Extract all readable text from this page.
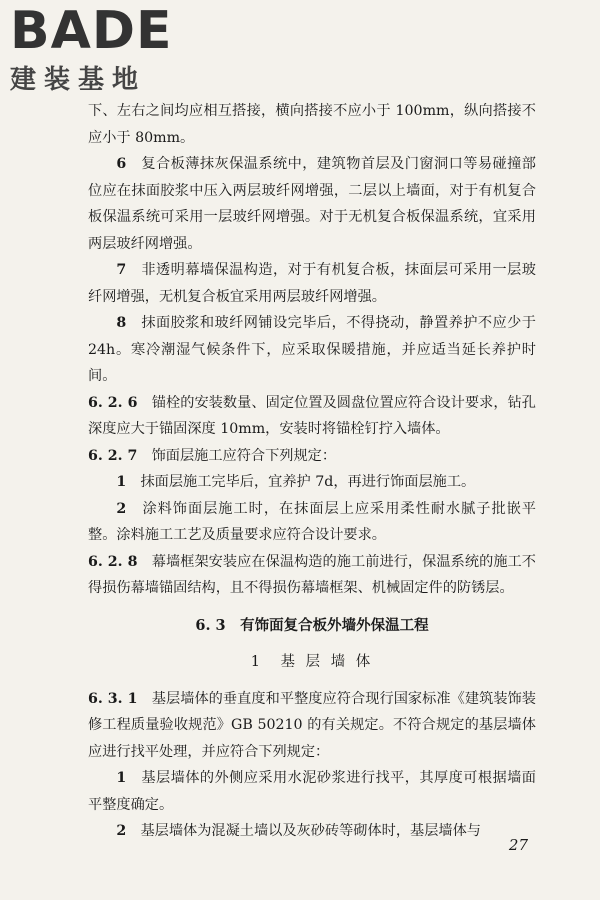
BADE
建装基地

下、左右之间均应相互搭接，横向搭接不应小于 100mm，纵向搭接不应小于 80mm。

6　 复合板薄抹灰保温系统中，建筑物首层及门窗洞口等易碰撞部位应在抹面胶浆中压入两层玻纤网增强，二层以上墙面，对于有机复合板保温系统可采用一层玻纤网增强。对于无机复合板保温系统，宜采用两层玻纤网增强。

7　 非透明幕墙保温构造，对于有机复合板，抹面层可采用一层玻纤网增强，无机复合板宜采用两层玻纤网增强。

8　 抹面胶浆和玻纤网铺设完毕后，不得挠动，静置养护不应少于 24h。寒冷潮湿气候条件下，应采取保暖措施，并应适当延长养护时间。

6. 2. 6　 锚栓的安装数量、固定位置及圆盘位置应符合设计要求，钻孔深度应大于锚固深度 10mm，安装时将锚栓钉拧入墙体。

6. 2. 7　 饰面层施工应符合下列规定：

1　 抹面层施工完毕后，宜养护 7d，再进行饰面层施工。

2　 涂料饰面层施工时，在抹面层上应采用柔性耐水腻子批嵌平整。涂料施工工艺及质量要求应符合设计要求。

6. 2. 8　 幕墙框架安装应在保温构造的施工前进行，保温系统的施工不得损伤幕墙锚固结构，且不得损伤幕墙框架、机械固定件的防锈层。

6. 3　有饰面复合板外墙外保温工程
1　基 层 墙 体

6. 3. 1　 基层墙体的垂直度和平整度应符合现行国家标准《建筑装饰装修工程质量验收规范》GB 50210 的有关规定。不符合规定的基层墙体应进行找平处理，并应符合下列规定：

1　 基层墙体的外侧应采用水泥砂浆进行找平，其厚度可根据墙面平整度确定。

2　 基层墙体为混凝土墙以及灰砂砖等砌体时，基层墙体与

27
